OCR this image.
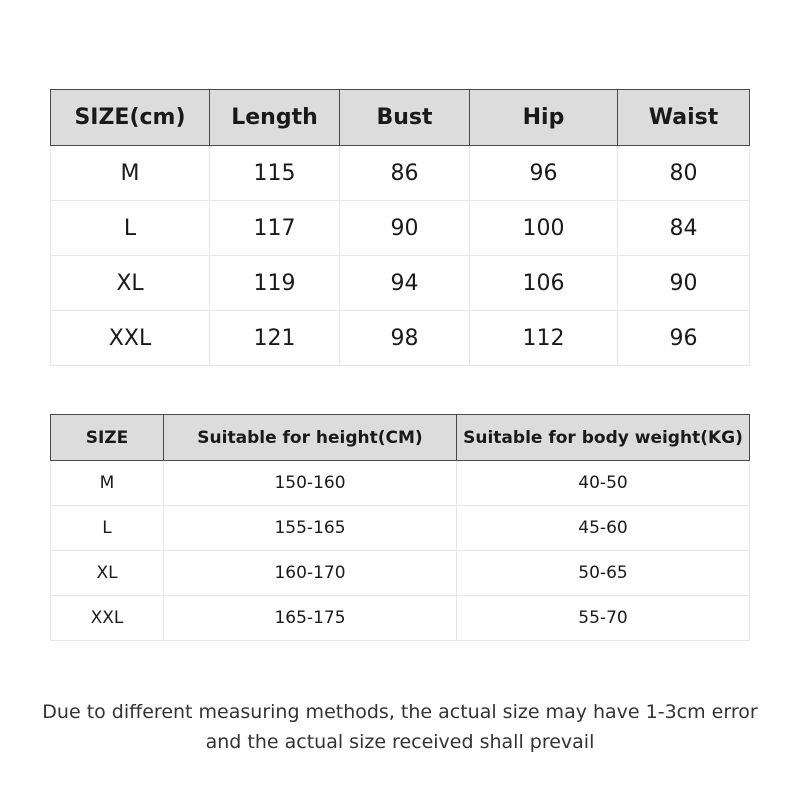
SIZE(cm)	Length	Bust	Hip	Waist
M	115	86	96	80
L	117	90	100	84
XL	119	94	106	90
XXL	121	98	112	96
SIZE	Suitable for height(CM)	Suitable for body weight(KG)
M	150-160	40-50
L	155-165	45-60
XL	160-170	50-65
XXL	165-175	55-70
Due to different measuring methods, the actual size may have 1-3cm error
and the actual size received shall prevail
